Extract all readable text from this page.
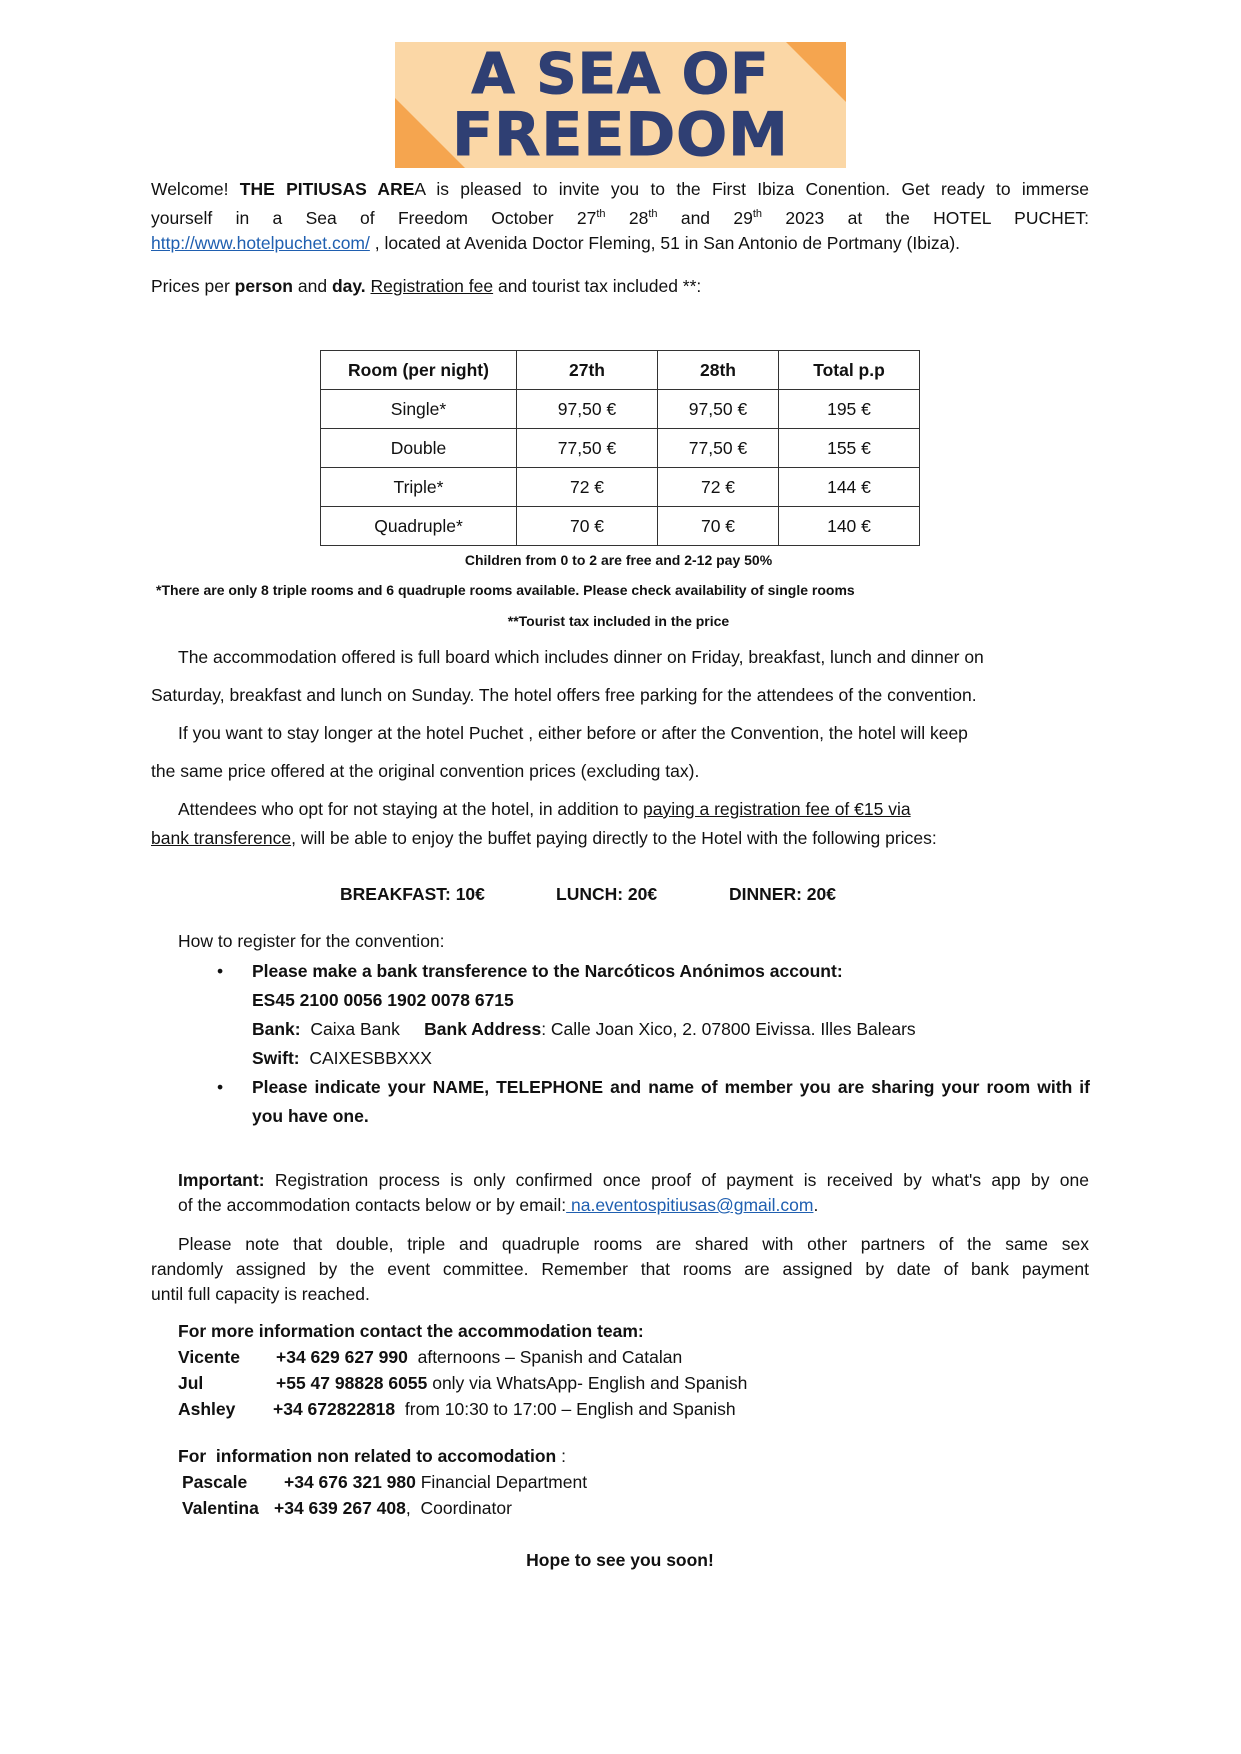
A SEA OF
FREEDOM

Welcome! THE PITIUSAS AREA is pleased to invite you to the First Ibiza Conention. Get ready to immerse

yourself in a Sea of Freedom October 27th 28th and 29th 2023 at the HOTEL PUCHET:

http://www.hotelpuchet.com/ , located at Avenida Doctor Fleming, 51 in San Antonio de Portmany (Ibiza).

Prices per person and day. Registration fee and tourist tax included **:

Room (per night)	27th	28th	Total p.p
Single*	97,50 €	97,50 €	195 €
Double	77,50 €	77,50 €	155 €
Triple*	72 €	72 €	144 €
Quadruple*	70 €	70 €	140 €

Children from 0 to 2 are free and 2-12 pay 50%

*There are only 8 triple rooms and 6 quadruple rooms available. Please check availability of single rooms

**Tourist tax included in the price

The accommodation offered is full board which includes dinner on Friday, breakfast, lunch and dinner on

Saturday, breakfast and lunch on Sunday. The hotel offers free parking for the attendees of the convention.

If you want to stay longer at the hotel Puchet , either before or after the Convention, the hotel will keep

the same price offered at the original convention prices (excluding tax).

Attendees who opt for not staying at the hotel, in addition to paying a registration fee of €15 via

bank transference, will be able to enjoy the buffet paying directly to the Hotel with the following prices:

BREAKFAST: 10€	LUNCH: 20€	DINNER: 20€

How to register for the convention:

• Please make a bank transference to the Narcóticos Anónimos account:
ES45 2100 0056 1902 0078 6715
Bank:  Caixa Bank     Bank Address: Calle Joan Xico, 2. 07800 Eivissa. Illes Balears
Swift:  CAIXESBBXXX
• Please indicate your NAME, TELEPHONE and name of member you are sharing your room with if you have one.

Important: Registration process is only confirmed once proof of payment is received by what's app by one

of the accommodation contacts below or by email: na.eventospitiusas@gmail.com.

Please note that double, triple and quadruple rooms are shared with other partners of the same sex

randomly assigned by the event committee. Remember that rooms are assigned by date of bank payment

until full capacity is reached.

For more information contact the accommodation team:

Vicente +34 629 627 990  afternoons – Spanish and Catalan
Jul	+55 47 98828 6055 only via WhatsApp- English and Spanish
Ashley +34 672822818  from 10:30 to 17:00 – English and Spanish

For  information non related to accomodation :

Pascale +34 676 321 980 Financial Department
Valentina +34 639 267 408,  Coordinator

Hope to see you soon!
